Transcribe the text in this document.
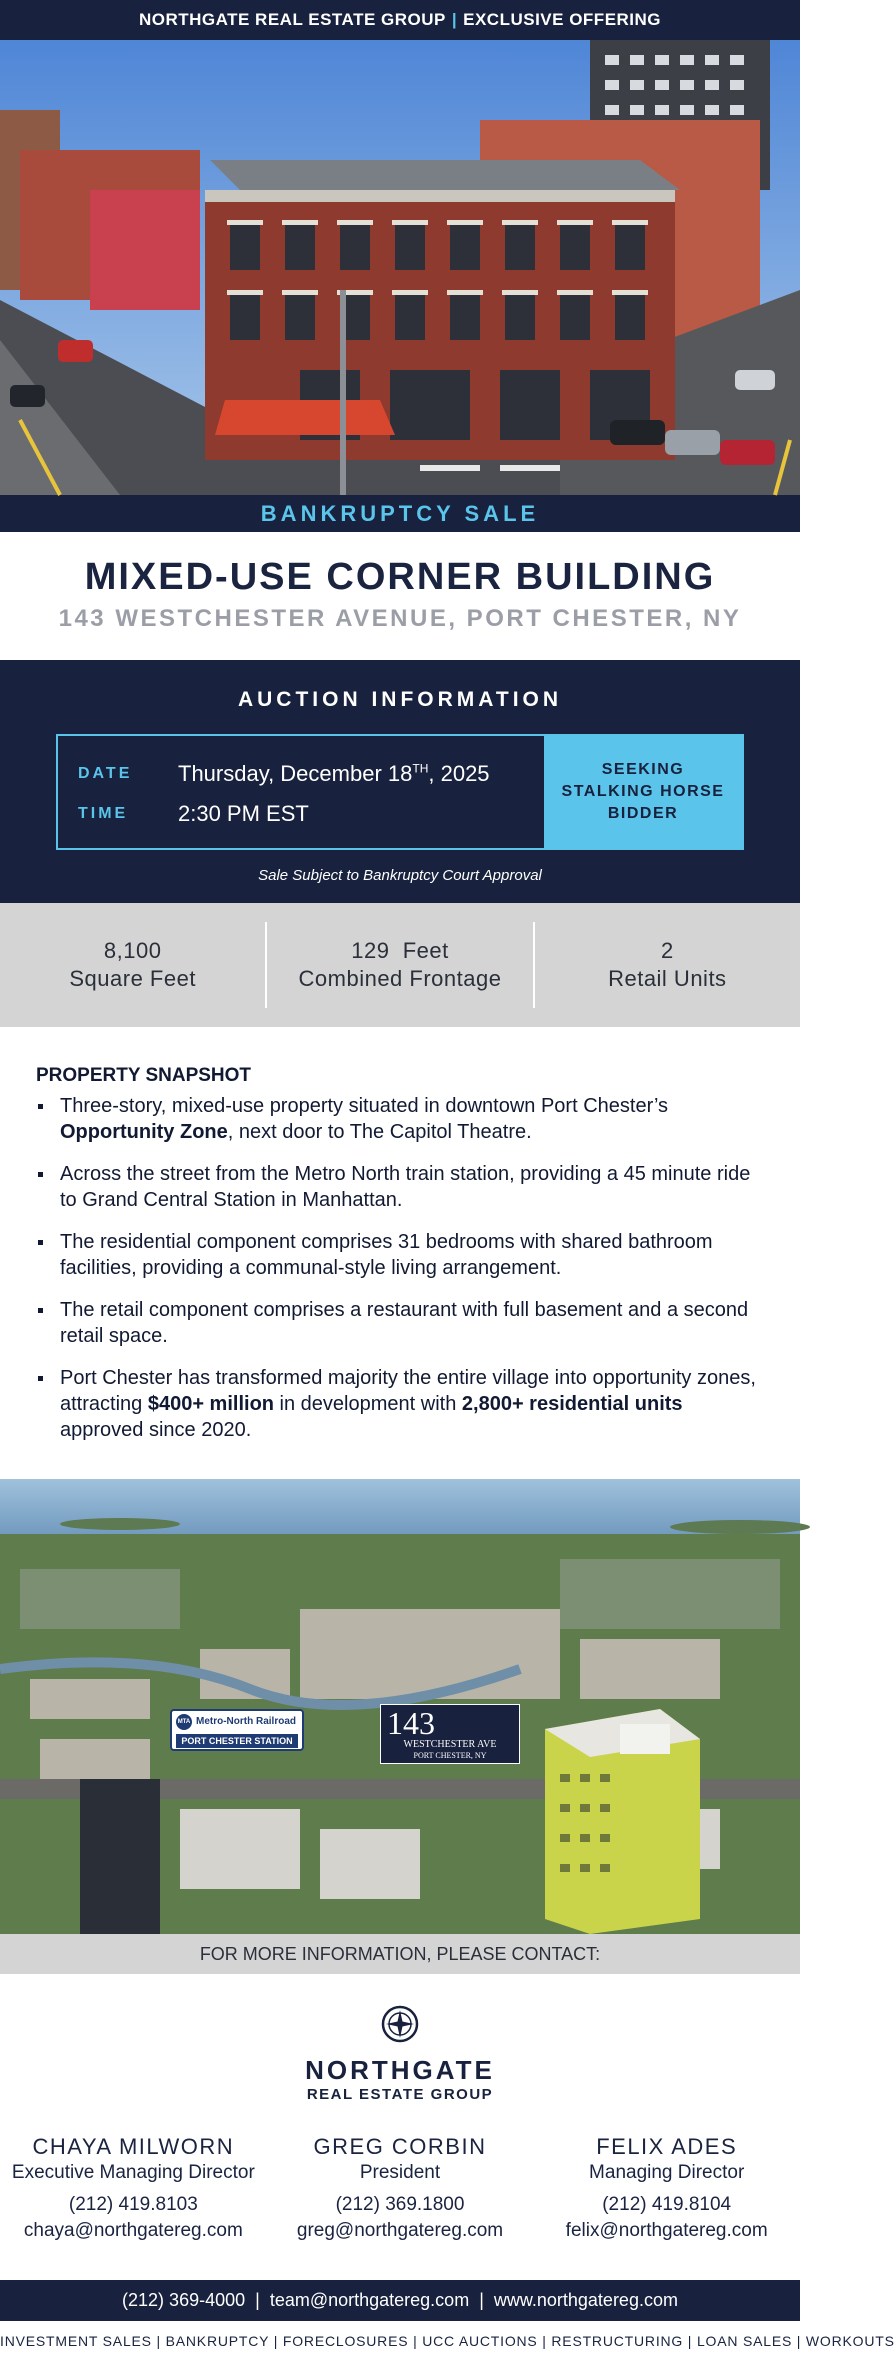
NORTHGATE REAL ESTATE GROUP | EXCLUSIVE OFFERING
BANKRUPTCY SALE
MIXED-USE CORNER BUILDING
143 WESTCHESTER AVENUE, PORT CHESTER, NY
AUCTION INFORMATION
DATE	Thursday, December 18TH, 2025
TIME	2:30 PM EST
SEEKING
STALKING HORSE
BIDDER
Sale Subject to Bankruptcy Court Approval
8,100
Square Feet
129  Feet
Combined Frontage
2
Retail Units
PROPERTY SNAPSHOT
Three-story, mixed-use property situated in downtown Port Chester’s Opportunity Zone, next door to The Capitol Theatre.
Across the street from the Metro North train station, providing a 45 minute ride to Grand Central Station in Manhattan.
The residential component comprises 31 bedrooms with shared bathroom facilities, providing a communal-style living arrangement.
The retail component comprises a restaurant with full basement and a second retail space.
Port Chester has transformed majority the entire village into opportunity zones, attracting $400+ million in development with 2,800+ residential units approved since 2020.
MTA Metro-North Railroad
PORT CHESTER STATION	143
WESTCHESTER AVE
PORT CHESTER, NY
FOR MORE INFORMATION, PLEASE CONTACT:
NORTHGATE
REAL ESTATE GROUP
CHAYA MILWORN
Executive Managing Director
(212) 419.8103
chaya@northgatereg.com
GREG CORBIN
President
(212) 369.1800
greg@northgatereg.com
FELIX ADES
Managing Director
(212) 419.8104
felix@northgatereg.com
(212) 369-4000 | team@northgatereg.com | www.northgatereg.com
INVESTMENT SALES | BANKRUPTCY | FORECLOSURES | UCC AUCTIONS | RESTRUCTURING | LOAN SALES | WORKOUTS
